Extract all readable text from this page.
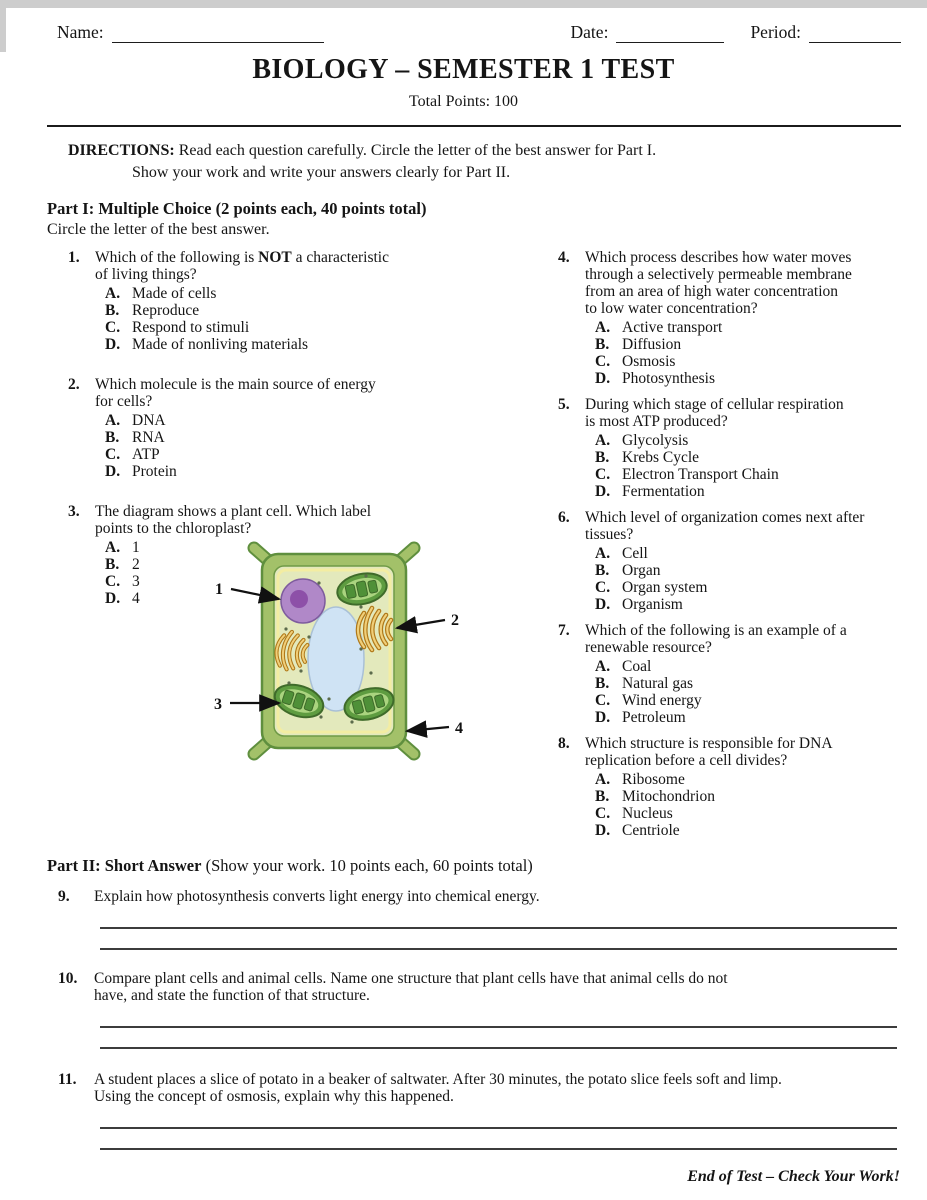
Name:	Date:	Period:
BIOLOGY – SEMESTER 1 TEST
Total Points: 100
DIRECTIONS: Read each question carefully. Circle the letter of the best answer for Part I.
Show your work and write your answers clearly for Part II.
Part I: Multiple Choice (2 points each, 40 points total)
Circle the letter of the best answer.
1
2
3
4
1. Which of the following is NOT a characteristic
of living things?
A. Made of cells
B. Reproduce
C. Respond to stimuli
D. Made of nonliving materials
2. Which molecule is the main source of energy
for cells?
A. DNA
B. RNA
C. ATP
D. Protein
3. The diagram shows a plant cell. Which label
points to the chloroplast?
A. 1
B. 2
C. 3
D. 4
4. Which process describes how water moves
through a selectively permeable membrane
from an area of high water concentration
to low water concentration?
A. Active transport
B. Diffusion
C. Osmosis
D. Photosynthesis
5. During which stage of cellular respiration
is most ATP produced?
A. Glycolysis
B. Krebs Cycle
C. Electron Transport Chain
D. Fermentation
6. Which level of organization comes next after
tissues?
A. Cell
B. Organ
C. Organ system
D. Organism
7. Which of the following is an example of a
renewable resource?
A. Coal
B. Natural gas
C. Wind energy
D. Petroleum
8. Which structure is responsible for DNA
replication before a cell divides?
A. Ribosome
B. Mitochondrion
C. Nucleus
D. Centriole
Part II: Short Answer (Show your work. 10 points each, 60 points total)
9.	Explain how photosynthesis converts light energy into chemical energy.
10.	Compare plant cells and animal cells. Name one structure that plant cells have that animal cells do not
have, and state the function of that structure.
11.	A student places a slice of potato in a beaker of saltwater. After 30 minutes, the potato slice feels soft and limp.
Using the concept of osmosis, explain why this happened.
End of Test – Check Your Work!
